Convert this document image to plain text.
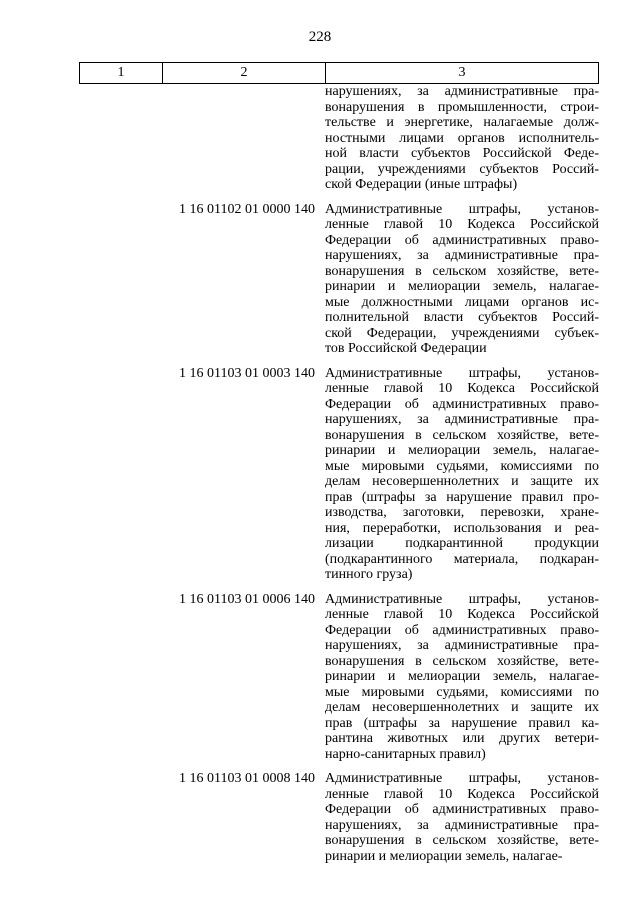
228
1	2	3
нарушениях, за административные пра-
вонарушения в промышленности, строи-
тельстве и энергетике, налагаемые долж-
ностными лицами органов исполнитель-
ной власти субъектов Российской Феде-
рации, учреждениями субъектов Россий-
ской Федерации (иные штрафы)
1 16 01102 01 0000 140 Административные штрафы, установ-
ленные главой 10 Кодекса Российской
Федерации об административных право-
нарушениях, за административные пра-
вонарушения в сельском хозяйстве, вете-
ринарии и мелиорации земель, налагае-
мые должностными лицами органов ис-
полнительной власти субъектов Россий-
ской Федерации, учреждениями субъек-
тов Российской Федерации
1 16 01103 01 0003 140 Административные штрафы, установ-
ленные главой 10 Кодекса Российской
Федерации об административных право-
нарушениях, за административные пра-
вонарушения в сельском хозяйстве, вете-
ринарии и мелиорации земель, налагае-
мые мировыми судьями, комиссиями по
делам несовершеннолетних и защите их
прав (штрафы за нарушение правил про-
изводства, заготовки, перевозки, хране-
ния, переработки, использования и реа-
лизации подкарантинной продукции
(подкарантинного материала, подкаран-
тинного груза)
1 16 01103 01 0006 140 Административные штрафы, установ-
ленные главой 10 Кодекса Российской
Федерации об административных право-
нарушениях, за административные пра-
вонарушения в сельском хозяйстве, вете-
ринарии и мелиорации земель, налагае-
мые мировыми судьями, комиссиями по
делам несовершеннолетних и защите их
прав (штрафы за нарушение правил ка-
рантина животных или других ветери-
нарно-санитарных правил)
1 16 01103 01 0008 140 Административные штрафы, установ-
ленные главой 10 Кодекса Российской
Федерации об административных право-
нарушениях, за административные пра-
вонарушения в сельском хозяйстве, вете-
ринарии и мелиорации земель, налагае-
